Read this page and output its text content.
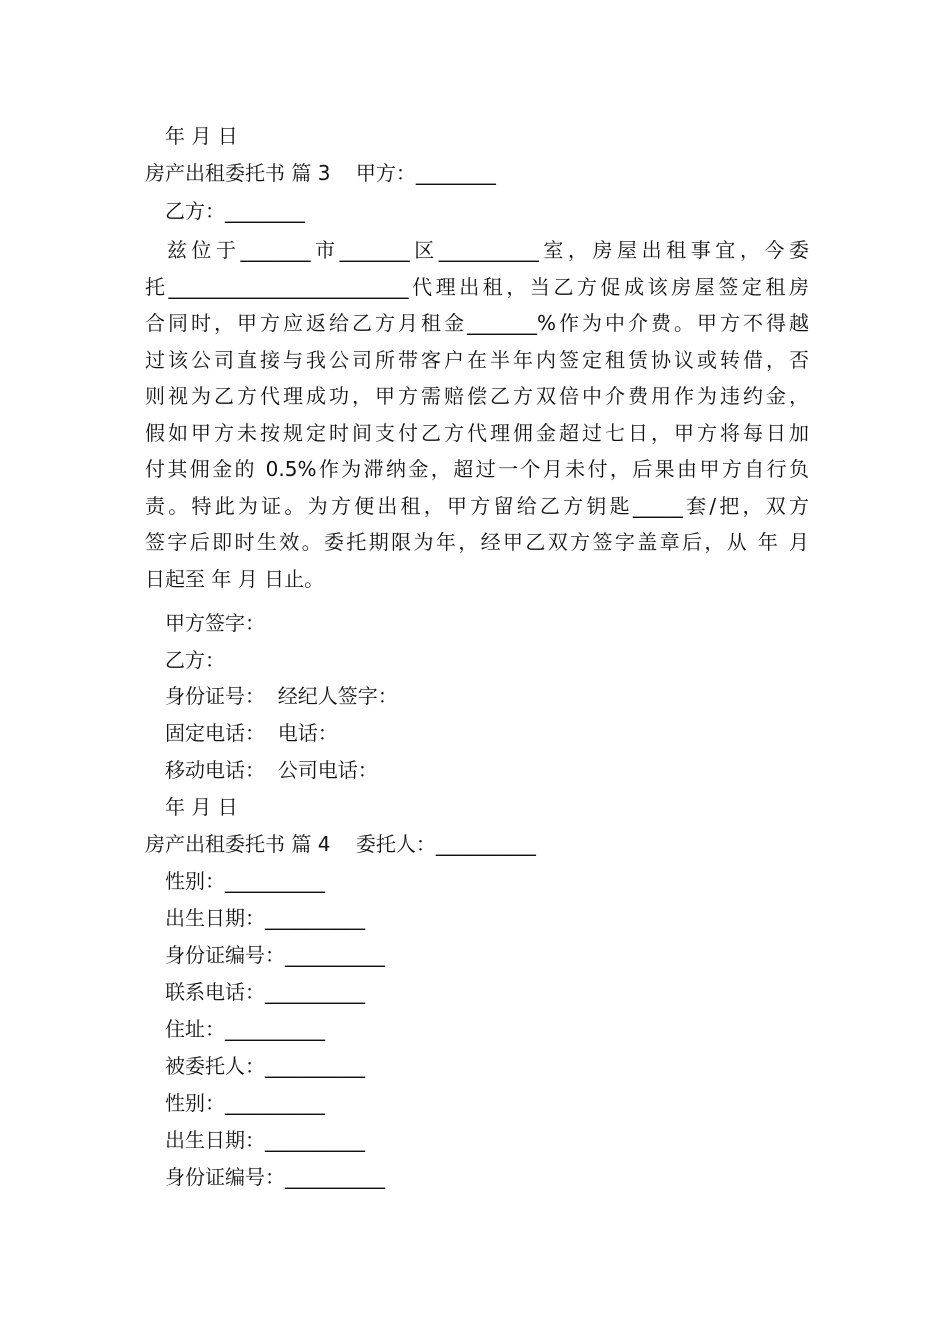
年 月 日
房产出租委托书 篇 3    甲方：________
乙方：________
兹位于_______市_______区__________室，房屋出租事宜，今委
托________________________代理出租，当乙方促成该房屋签定租房
合同时，甲方应返给乙方月租金_______%作为中介费。甲方不得越
过该公司直接与我公司所带客户在半年内签定租赁协议或转借，否
则视为乙方代理成功，甲方需赔偿乙方双倍中介费用作为违约金，
假如甲方未按规定时间支付乙方代理佣金超过七日，甲方将每日加
付其佣金的 0.5%作为滞纳金，超过一个月未付，后果由甲方自行负
责。特此为证。为方便出租，甲方留给乙方钥匙_____套/把，双方
签字后即时生效。委托期限为年，经甲乙双方签字盖章后，从 年 月
日起至 年 月 日止。
甲方签字：
乙方：
身份证号：  经纪人签字：
固定电话：  电话：
移动电话：  公司电话：
年 月 日
房产出租委托书 篇 4    委托人：__________
性别：__________
出生日期：__________
身份证编号：__________
联系电话：__________
住址：__________
被委托人：__________
性别：__________
出生日期：__________
身份证编号：__________
